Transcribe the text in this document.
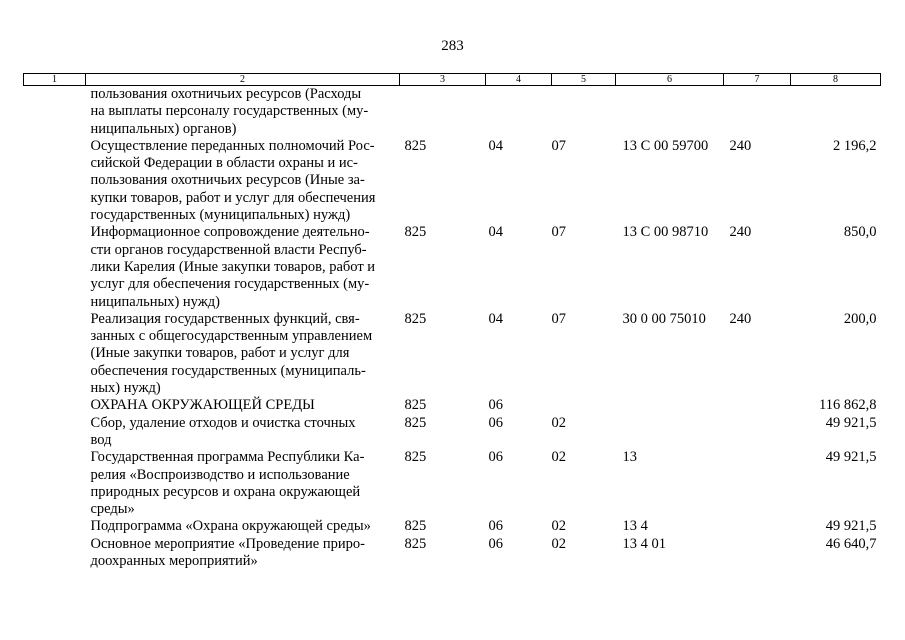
283
1	2	3	4	5	6	7	8

	пользования охотничьих ресурсов (Расходы
на выплаты персоналу государственных (му-
ниципальных) органов)						

	Осуществление переданных полномочий Рос-
сийской Федерации в области охраны и ис-
пользования охотничьих ресурсов (Иные за-
купки товаров, работ и услуг для обеспечения
государственных (муниципальных) нужд)	825	04	07	13 С 00 59700	240	2 196,2

	Информационное сопровождение деятельно-
сти органов государственной власти Респуб-
лики Карелия (Иные закупки товаров, работ и
услуг для обеспечения государственных (му-
ниципальных) нужд)	825	04	07	13 С 00 98710	240	850,0

	Реализация государственных функций, свя-
занных с общегосударственным управлением
(Иные закупки товаров, работ и услуг для
обеспечения государственных (муниципаль-
ных) нужд)	825	04	07	30 0 00 75010	240	200,0

	ОХРАНА ОКРУЖАЮЩЕЙ СРЕДЫ	825	06				116 862,8

	Сбор, удаление отходов и очистка сточных
вод	825	06	02			49 921,5

	Государственная программа Республики Ка-
релия «Воспроизводство и использование
природных ресурсов и охрана окружающей
среды»	825	06	02	13		49 921,5

	Подпрограмма «Охрана окружающей среды»	825	06	02	13 4		49 921,5

	Основное мероприятие «Проведение приро-
доохранных мероприятий»	825	06	02	13 4 01		46 640,7
